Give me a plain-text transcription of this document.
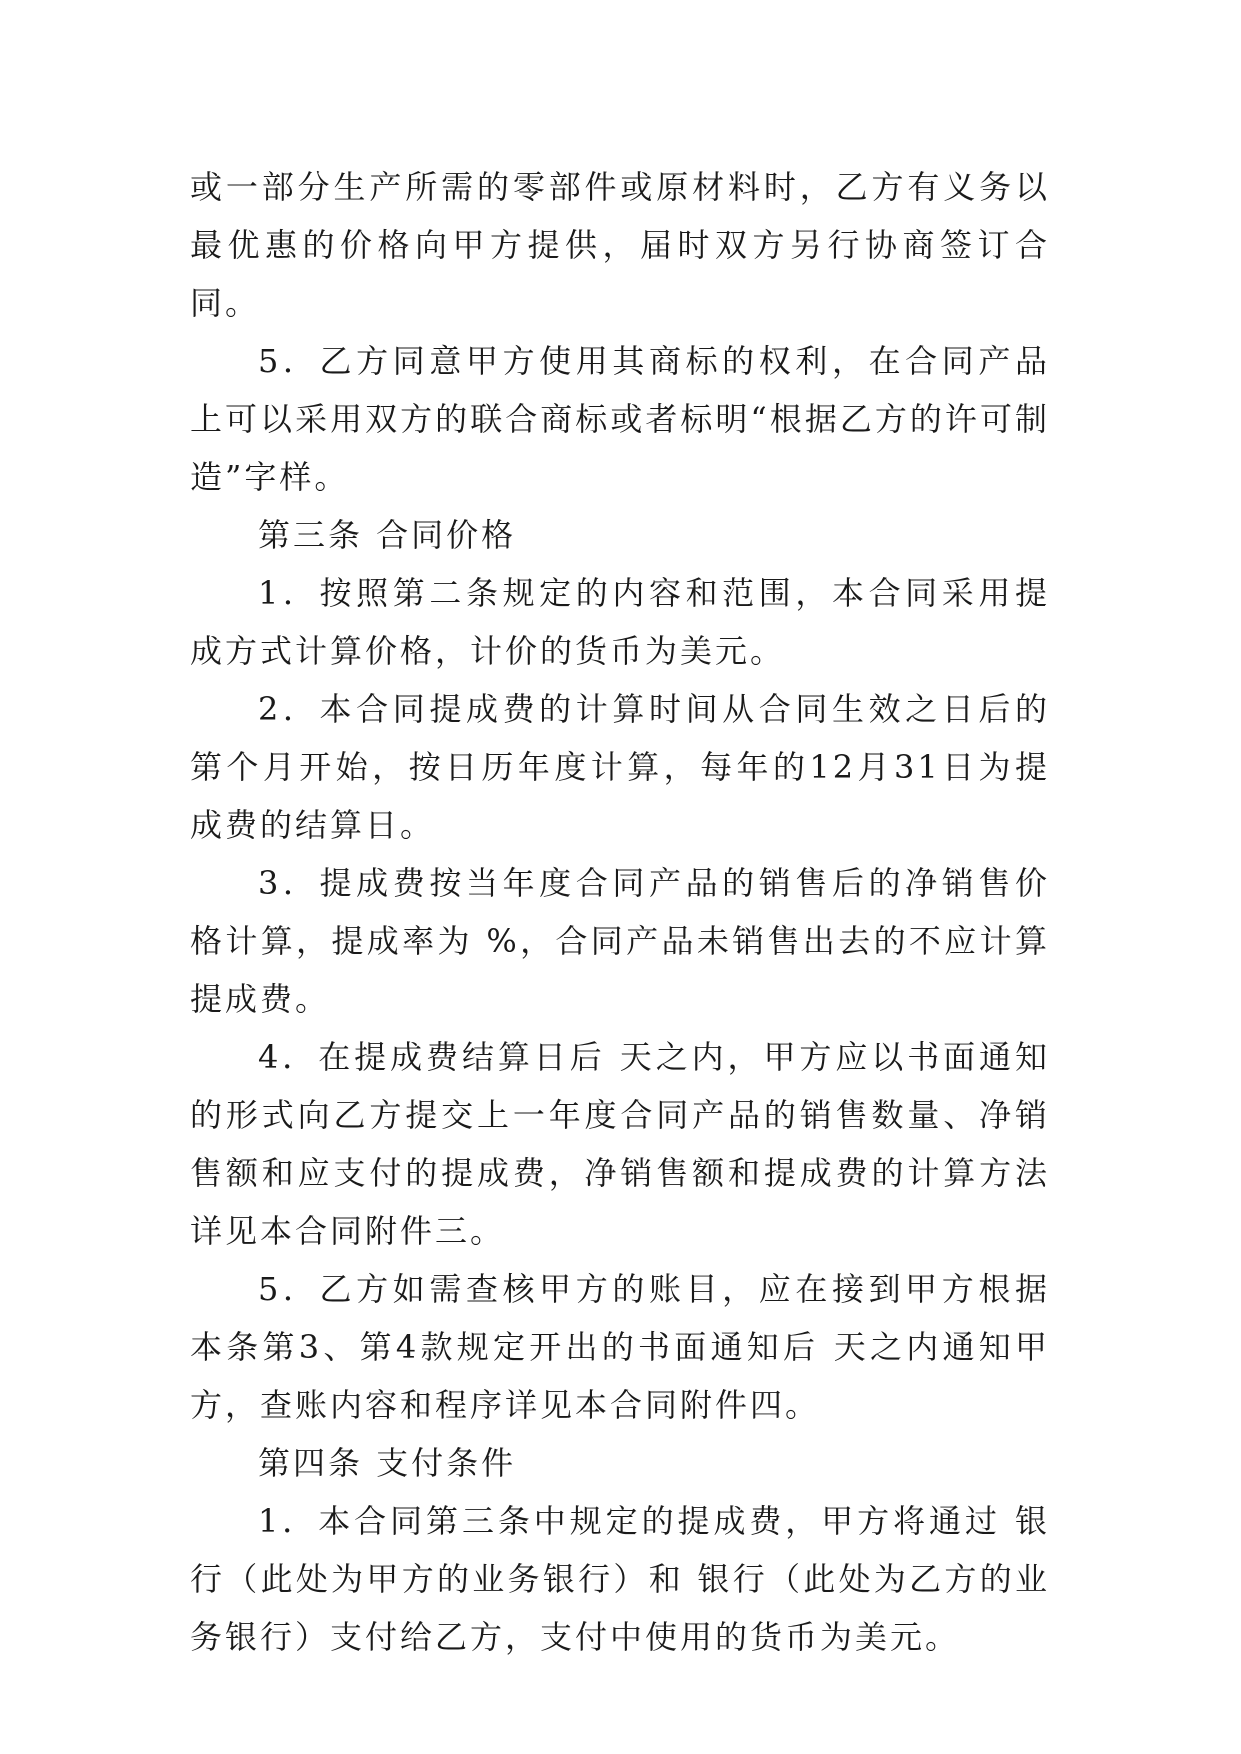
或一部分生产所需的零部件或原材料时，乙方有义务以最优惠的价格向甲方提供，届时双方另行协商签订合同。

5．乙方同意甲方使用其商标的权利，在合同产品上可以采用双方的联合商标或者标明“根据乙方的许可制造”字样。

第三条 合同价格

1．按照第二条规定的内容和范围，本合同采用提成方式计算价格，计价的货币为美元。

2．本合同提成费的计算时间从合同生效之日后的第个月开始，按日历年度计算，每年的12月31日为提成费的结算日。

3．提成费按当年度合同产品的销售后的净销售价格计算，提成率为 %，合同产品未销售出去的不应计算提成费。

4．在提成费结算日后 天之内，甲方应以书面通知的形式向乙方提交上一年度合同产品的销售数量、净销售额和应支付的提成费，净销售额和提成费的计算方法详见本合同附件三。

5．乙方如需查核甲方的账目，应在接到甲方根据本条第3、第4款规定开出的书面通知后 天之内通知甲方，查账内容和程序详见本合同附件四。

第四条 支付条件

1．本合同第三条中规定的提成费，甲方将通过 银行（此处为甲方的业务银行）和 银行（此处为乙方的业务银行）支付给乙方，支付中使用的货币为美元。
